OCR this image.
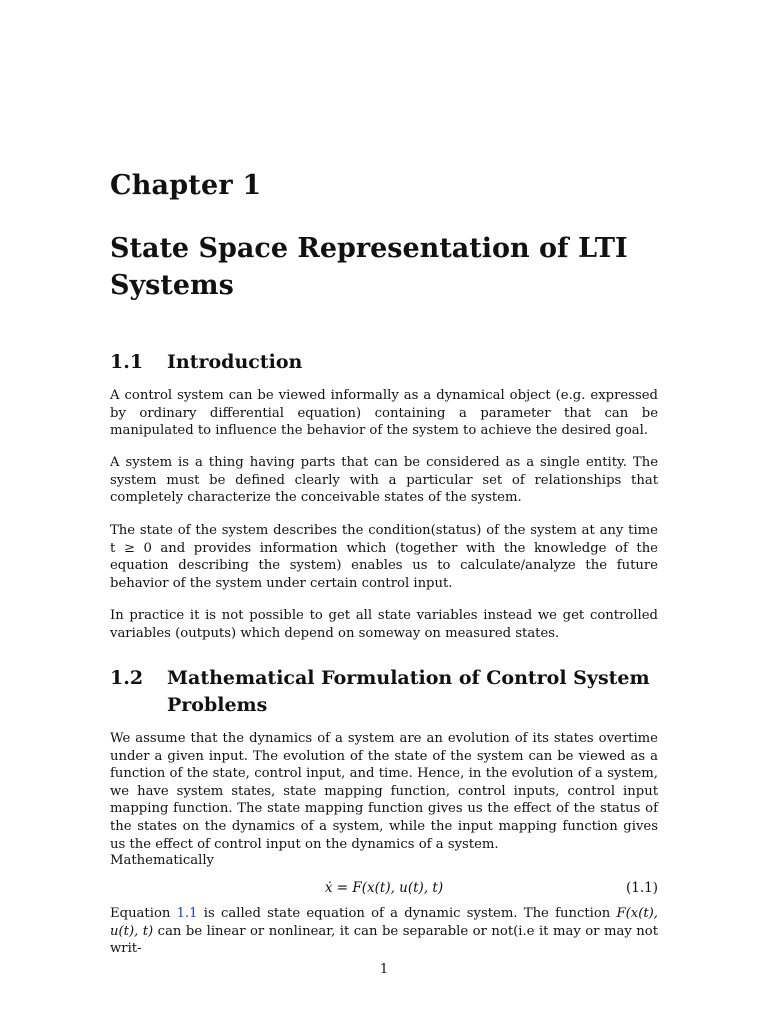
Chapter 1
State Space Representation of LTI Systems
1.1	Introduction

A control system can be viewed informally as a dynamical object (e.g. expressed by ordinary differential equation) containing a parameter that can be manipulated to influence the behavior of the system to achieve the desired goal.

A system is a thing having parts that can be considered as a single entity. The system must be defined clearly with a particular set of relationships that completely characterize the conceivable states of the system.

The state of the system describes the condition(status) of the system at any time t ≥ 0 and provides information which (together with the knowledge of the equation describing the system) enables us to calculate/analyze the future behavior of the system under certain control input.

In practice it is not possible to get all state variables instead we get controlled variables (outputs) which depend on someway on measured states.

1.2	Mathematical Formulation of Control System Problems

We assume that the dynamics of a system are an evolution of its states overtime under a given input. The evolution of the state of the system can be viewed as a function of the state, control input, and time. Hence, in the evolution of a system, we have system states, state mapping function, control inputs, control input mapping function. The state mapping function gives us the effect of the status of the states on the dynamics of a system, while the input mapping function gives us the effect of control input on the dynamics of a system.

Mathematically

ẋ = F(x(t), u(t), t)	(1.1)

Equation 1.1 is called state equation of a dynamic system. The function F(x(t), u(t), t) can be linear or nonlinear, it can be separable or not(i.e it may or may not writ-

1
